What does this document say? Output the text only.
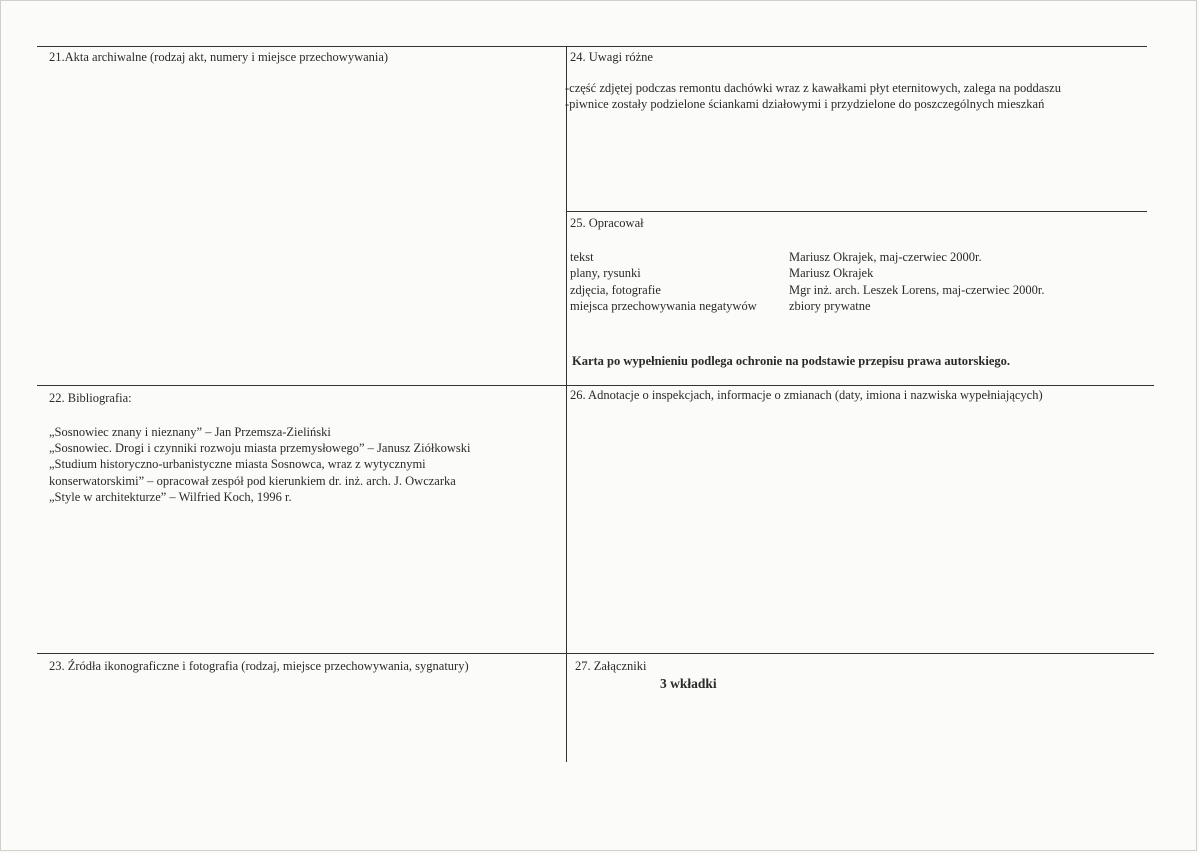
21.Akta archiwalne (rodzaj akt, numery i miejsce przechowywania)	24. Uwagi różne
-część zdjętej podczas remontu dachówki wraz z kawałkami płyt eternitowych, zalega na poddaszu
-piwnice zostały podzielone ściankami działowymi i przydzielone do poszczególnych mieszkań
25. Opracował
tekst	Mariusz Okrajek, maj-czerwiec 2000r.
plany, rysunki	Mariusz Okrajek
zdjęcia, fotografie	Mgr inż. arch. Leszek Lorens, maj-czerwiec 2000r.
miejsca przechowywania negatywów	zbiory prywatne
Karta po wypełnieniu podlega ochronie na podstawie przepisu prawa autorskiego.
22. Bibliografia:
„Sosnowiec znany i nieznany” – Jan Przemsza-Zieliński
„Sosnowiec. Drogi i czynniki rozwoju miasta przemysłowego” – Janusz Ziółkowski
„Studium historyczno-urbanistyczne miasta Sosnowca, wraz z wytycznymi
konserwatorskimi” – opracował zespół pod kierunkiem dr. inż. arch. J. Owczarka
„Style w architekturze” – Wilfried Koch, 1996 r.
26. Adnotacje o inspekcjach, informacje o zmianach (daty, imiona i nazwiska wypełniających)
23. Źródła ikonograficzne i fotografia (rodzaj, miejsce przechowywania, sygnatury)	27. Załączniki
3 wkładki
